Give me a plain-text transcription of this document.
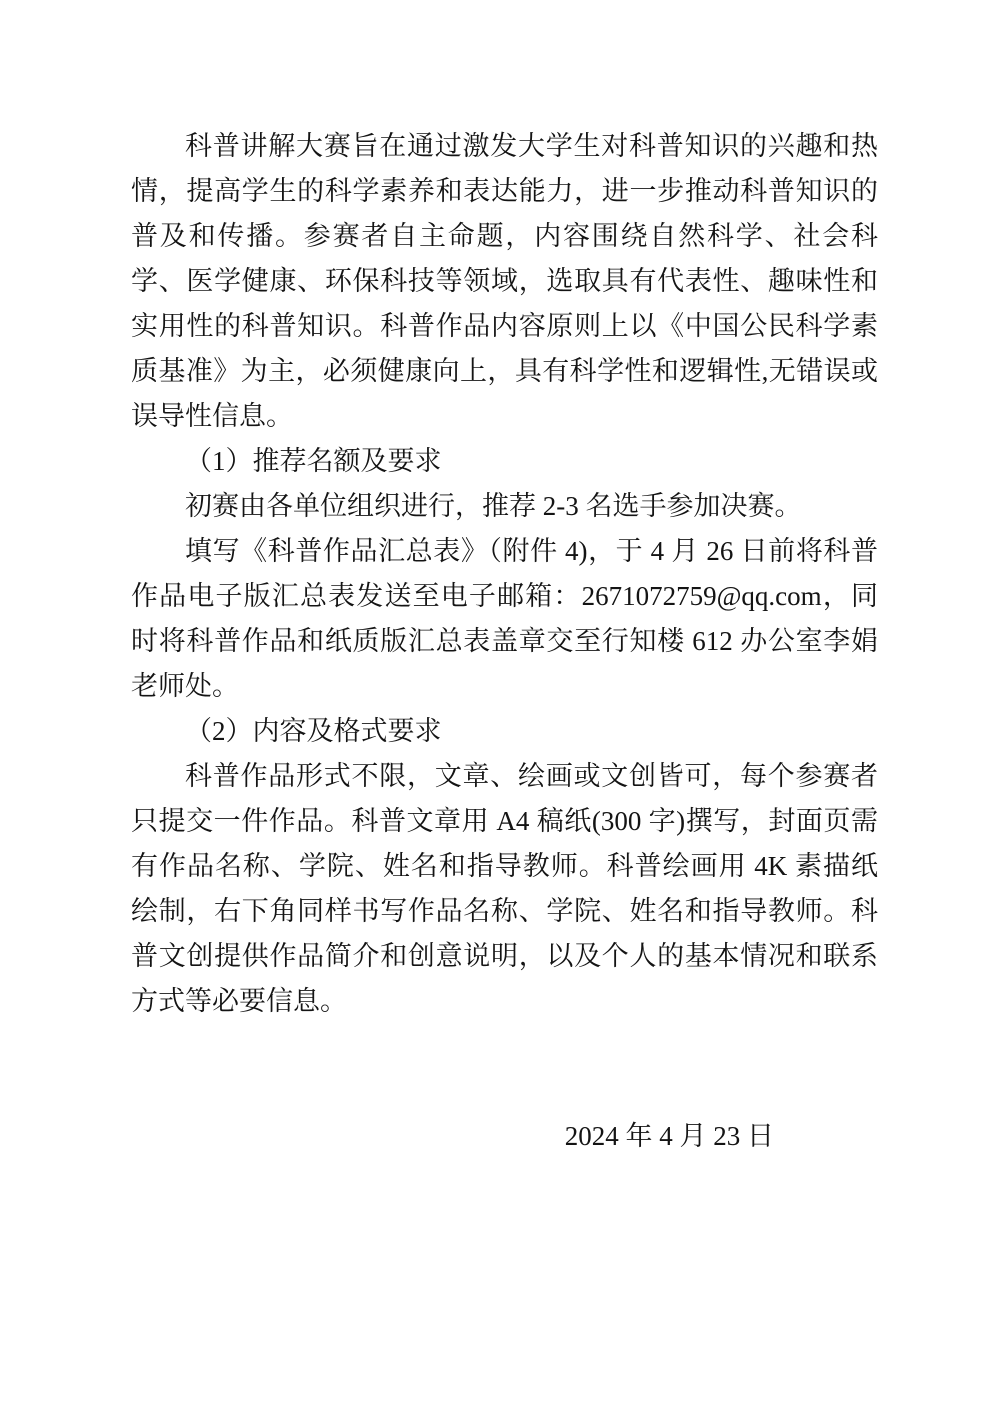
科普讲解大赛旨在通过激发大学生对科普知识的兴趣和热情，提高学生的科学素养和表达能力，进一步推动科普知识的普及和传播。参赛者自主命题，内容围绕自然科学、社会科学、医学健康、环保科技等领域，选取具有代表性、趣味性和实用性的科普知识。科普作品内容原则上以《中国公民科学素质基准》为主，必须健康向上，具有科学性和逻辑性,无错误或误导性信息。

（1）推荐名额及要求

初赛由各单位组织进行，推荐 2-3 名选手参加决赛。

填写《科普作品汇总表》（附件 4)，于 4 月 26 日前将科普作品电子版汇总表发送至电子邮箱：2671072759@qq.com，同时将科普作品和纸质版汇总表盖章交至行知楼 612 办公室李娟老师处。

（2）内容及格式要求

科普作品形式不限，文章、绘画或文创皆可，每个参赛者只提交一件作品。科普文章用 A4 稿纸(300 字)撰写，封面页需有作品名称、学院、姓名和指导教师。科普绘画用 4K 素描纸绘制，右下角同样书写作品名称、学院、姓名和指导教师。科普文创提供作品简介和创意说明，以及个人的基本情况和联系方式等必要信息。

2024 年 4 月 23 日
